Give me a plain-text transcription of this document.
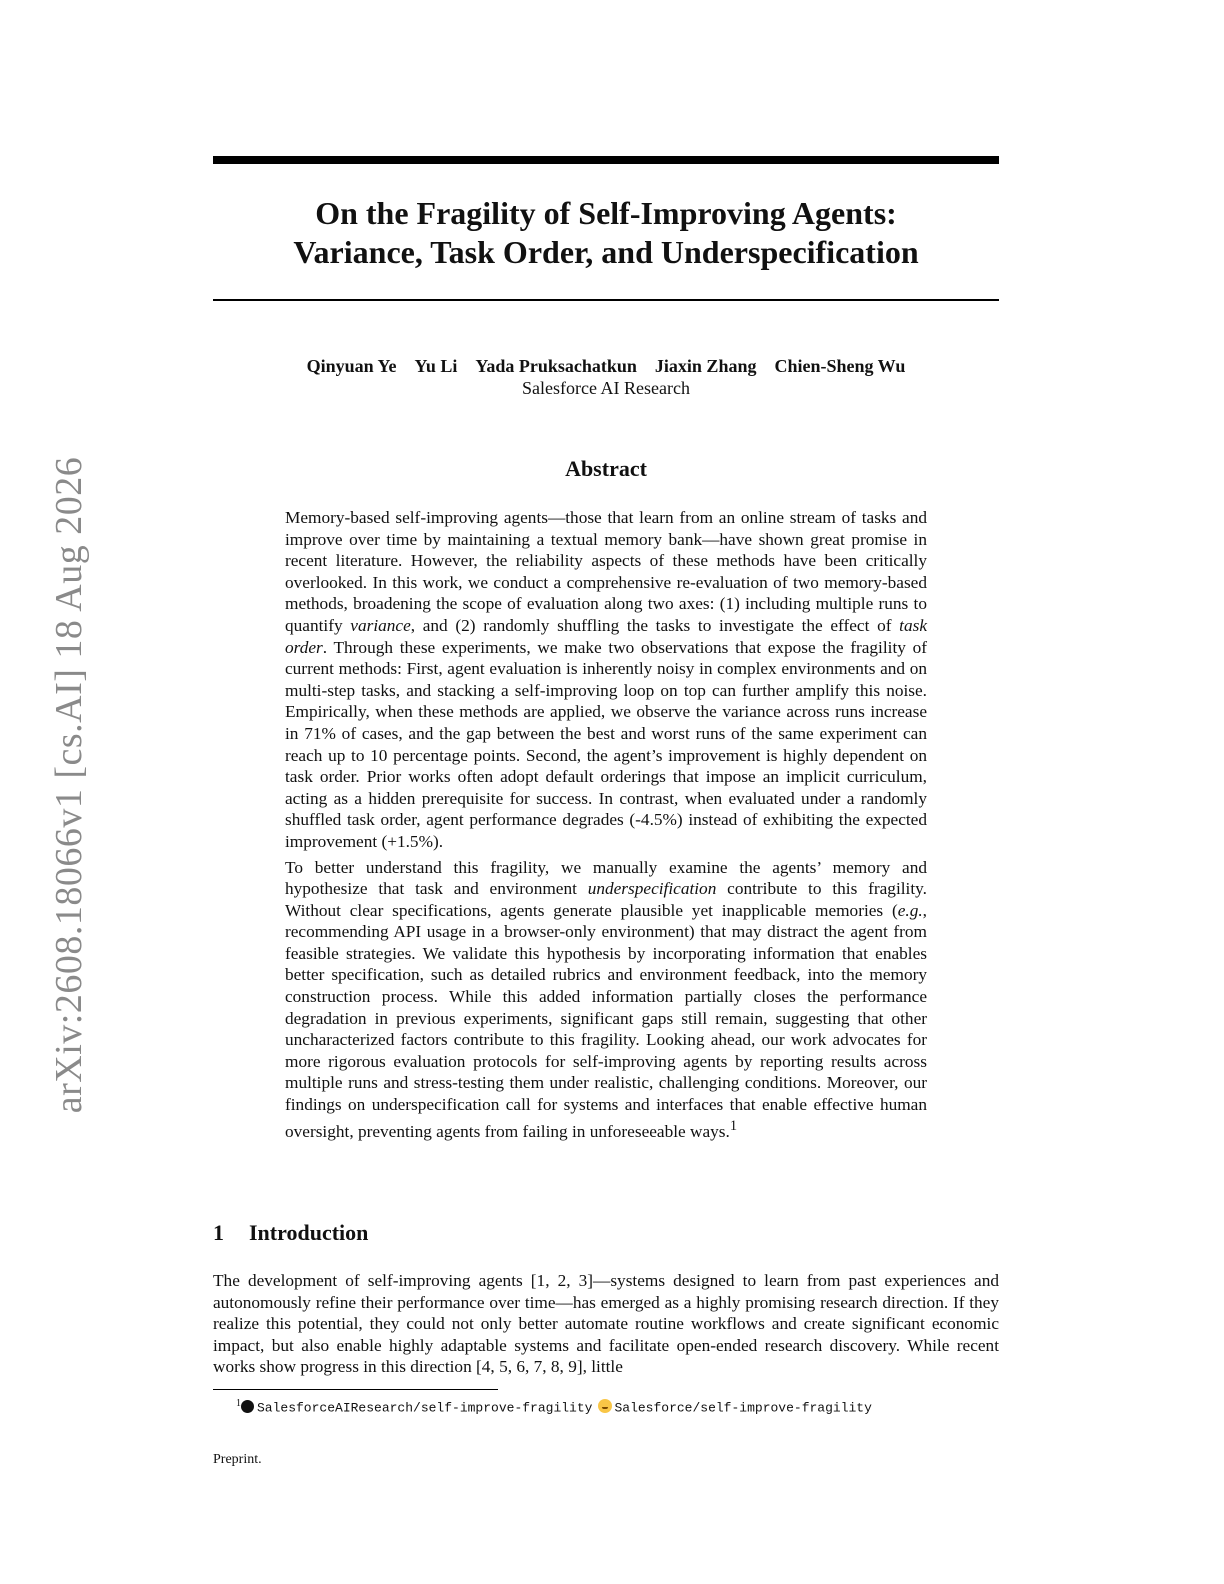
arXiv:2608.18066v1 [cs.AI] 18 Aug 2026
On the Fragility of Self-Improving Agents:
Variance, Task Order, and Underspecification
Qinyuan Ye Yu Li Yada Pruksachatkun Jiaxin Zhang Chien-Sheng Wu
Salesforce AI Research
Abstract

Memory-based self-improving agents—those that learn from an online stream of tasks and improve over time by maintaining a textual memory bank—have shown great promise in recent literature. However, the reliability aspects of these methods have been critically overlooked. In this work, we conduct a comprehensive re-evaluation of two memory-based methods, broadening the scope of evaluation along two axes: (1) including multiple runs to quantify variance, and (2) randomly shuffling the tasks to investigate the effect of task order. Through these experiments, we make two observations that expose the fragility of current methods: First, agent evaluation is inherently noisy in complex environments and on multi-step tasks, and stacking a self-improving loop on top can further amplify this noise. Empirically, when these methods are applied, we observe the variance across runs increase in 71% of cases, and the gap between the best and worst runs of the same experiment can reach up to 10 percentage points. Second, the agent’s improvement is highly dependent on task order. Prior works often adopt default orderings that impose an implicit curriculum, acting as a hidden prerequisite for success. In contrast, when evaluated under a randomly shuffled task order, agent performance degrades (-4.5%) instead of exhibiting the expected improvement (+1.5%).

To better understand this fragility, we manually examine the agents’ memory and hypothesize that task and environment underspecification contribute to this fragility. Without clear specifications, agents generate plausible yet inapplicable memories (e.g., recommending API usage in a browser-only environment) that may distract the agent from feasible strategies. We validate this hypothesis by incorporating information that enables better specification, such as detailed rubrics and environment feedback, into the memory construction process. While this added information partially closes the performance degradation in previous experiments, significant gaps still remain, suggesting that other uncharacterized factors contribute to this fragility. Looking ahead, our work advocates for more rigorous evaluation protocols for self-improving agents by reporting results across multiple runs and stress-testing them under realistic, challenging conditions. Moreover, our findings on underspecification call for systems and interfaces that enable effective human oversight, preventing agents from failing in unforeseeable ways.$^1$

1 Introduction

The development of self-improving agents [1, 2, 3]—systems designed to learn from past experiences and autonomously refine their performance over time—has emerged as a highly promising research direction. If they realize this potential, they could not only better automate routine workflows and create significant economic impact, but also enable highly adaptable systems and facilitate open-ended research discovery. While recent works show progress in this direction [4, 5, 6, 7, 8, 9], little

$^1$ SalesforceAIResearch/self-improve-fragility Salesforce/self-improve-fragility
Preprint.
